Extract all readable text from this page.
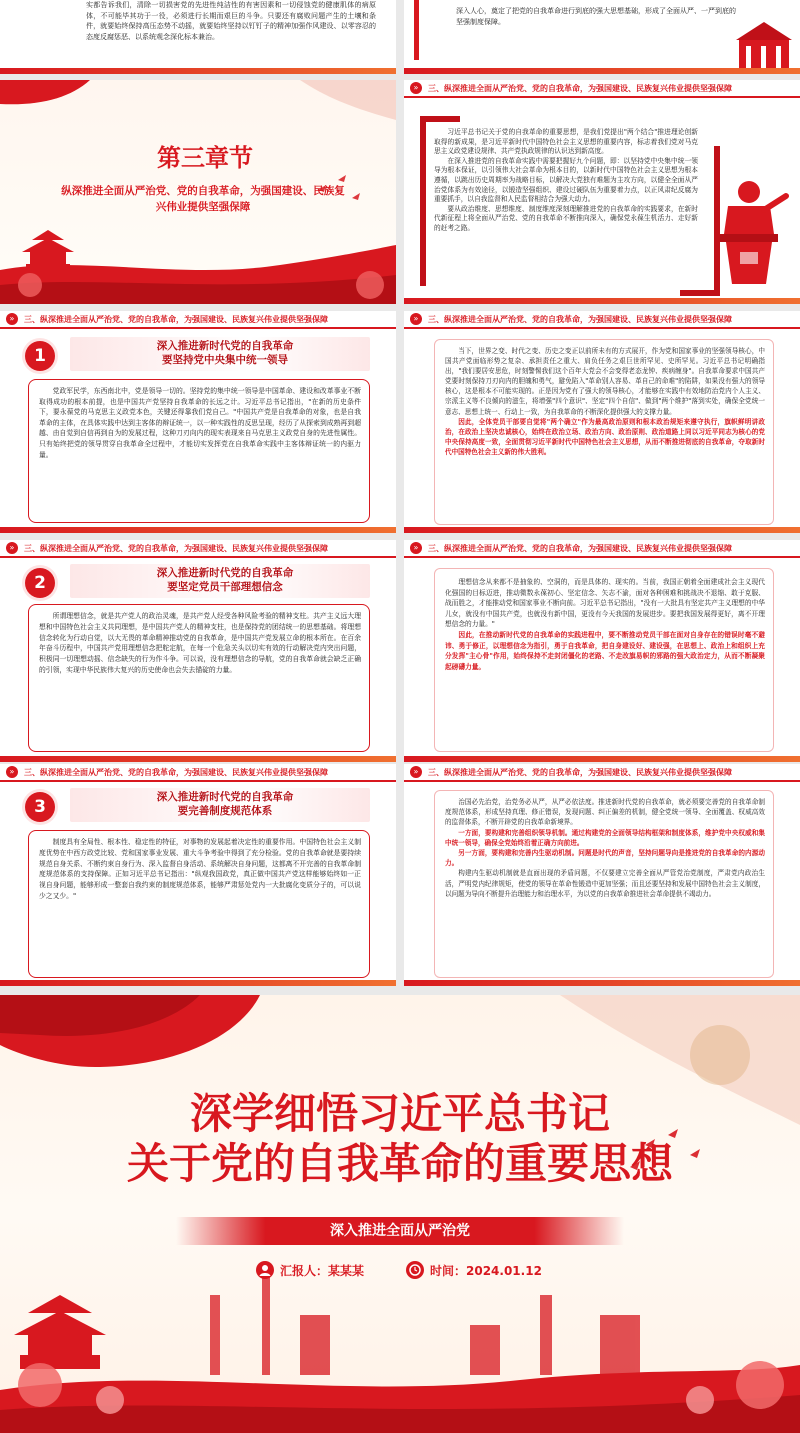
实都告诉我们，清除一切损害党的先进性纯洁性的有害因素和一切侵蚀党的健康肌体的病原体，不可能毕其功于一役，必须进行长期而艰巨的斗争。只要还有腐败问题产生的土壤和条件，就要始终保持高压态势不动摇，就要始终坚持以钉钉子的精神加强作风建设、以零容忍的态度反腐惩恶、以系统观念深化标本兼治。
深入人心，奠定了把党的自我革命进行到底的强大思想基础，形成了全面从严、一严到底的坚强制度保障。
第三章节
纵深推进全面从严治党、党的自我革命，为强国建设、民族复兴伟业提供坚强保障
»	三、纵深推进全面从严治党、党的自我革命，为强国建设、民族复兴伟业提供坚强保障

习近平总书记关于党的自我革命的重要思想，是我们党提出"两个结合"推进理论创新取得的新成果，是习近平新时代中国特色社会主义思想的重要内容，标志着我们党对马克思主义政党建设规律、共产党执政规律的认识达到新高度。

在深入推进党的自我革命实践中需要把握好九个问题，即：以坚持党中央集中统一领导为根本保证，以引领伟大社会革命为根本目的，以新时代中国特色社会主义思想为根本遵循，以跳出历史周期率为战略目标，以解决大党独有难题为主攻方向，以健全全面从严治党体系为有效途径，以锻造坚强组织、建设过硬队伍为重要着力点，以正风肃纪反腐为重要抓手，以自我监督和人民监督相结合为强大动力。

要从政治维度、思想维度、制度维度深刻理解推进党的自我革命的实践要求，在新时代新征程上将全面从严治党、党的自我革命不断推向深入，确保党永葆生机活力、走好新的赶考之路。

»	三、纵深推进全面从严治党、党的自我革命，为强国建设、民族复兴伟业提供坚强保障
1	深入推进新时代党的自我革命
要坚持党中央集中统一领导

党政军民学，东西南北中，党是领导一切的。坚持党的集中统一领导是中国革命、建设和改革事业不断取得成功的根本前提，也是中国共产党坚持自我革命的长远之计。习近平总书记指出，"在新的历史条件下，要永葆党的马克思主义政党本色，关键还得靠我们党自己。"中国共产党是自我革命的对象，也是自我革命的主体，在具体实践中达到主客体的辩证统一，以一种实践性的反思呈现，经历了从探索到成熟再到超越、由自觉到自信再到自为的发展过程，这种刀刃向内的现实表现来自马克思主义政党自身的先进性属性。只有始终把党的领导贯穿自我革命全过程中，才能切实发挥党在自我革命实践中主客体辩证统一的内驱力量。

»	三、纵深推进全面从严治党、党的自我革命，为强国建设、民族复兴伟业提供坚强保障

当下，世界之变、时代之变、历史之变正以前所未有的方式展开，作为党和国家事业的坚强领导核心，中国共产党面临形势之复杂、承担责任之重大、肩负任务之艰巨世所罕见、史所罕见。习近平总书记明确指出，"我们要居安思危，时刻警惕我们这个百年大党会不会变得老态龙钟、疾病缠身"。自我革命要求中国共产党要时刻保持刀刃向内的胆魄和勇气，避免陷入"革命别人容易、革自己的命难"的陷阱，如果没有强大的领导核心，这是根本不可能实现的。正是因为党有了强大的领导核心，才能够在实践中有效地防治党内个人主义、宗派主义等不良倾向的滋生，将增强"四个意识"、坚定"四个自信"、做到"两个维护"落到实处，确保全党统一意志、思想上统一、行动上一致，为自我革命的不断深化提供强大的支撑力量。

因此，全体党员干部要自觉将"两个确立"作为最高政治原则和根本政治规矩来遵守执行，旗帜鲜明讲政治，在政治上坚决忠诚核心，始终在政治立场、政治方向、政治原则、政治道路上同以习近平同志为核心的党中央保持高度一致，全面贯彻习近平新时代中国特色社会主义思想，从而不断推进彻底的自我革命，夺取新时代中国特色社会主义新的伟大胜利。

»	三、纵深推进全面从严治党、党的自我革命，为强国建设、民族复兴伟业提供坚强保障
2	深入推进新时代党的自我革命
要坚定党员干部理想信念

所谓理想信念，就是共产党人的政治灵魂，是共产党人经受各种风险考验的精神支柱。共产主义远大理想和中国特色社会主义共同理想，是中国共产党人的精神支柱，也是保持党的团结统一的思想基础。将理想信念转化为行动自觉，以大无畏的革命精神推动党的自我革命，是中国共产党发展立命的根本所在。在百余年奋斗历程中，中国共产党用理想信念把舵定航，在每一个危急关头以切实有效的行动解决党内突出问题，积极同一切理想动摇、信念缺失的行为作斗争。可以说，没有理想信念的导航，党的自我革命就会缺乏正确的引领，实现中华民族伟大复兴的历史使命也会失去锚碇的力量。

»	三、纵深推进全面从严治党、党的自我革命，为强国建设、民族复兴伟业提供坚强保障

理想信念从来都不是抽象的、空洞的，而是具体的、现实的。当前，我国正朝着全面建成社会主义现代化强国的目标迈进，推动微数永葆初心、坚定信念、矢志不渝，面对各种困难和挑战决不退缩、敢于克服、战而胜之，才能推动党和国家事业不断向前。习近平总书记指出，"没有一大批具有坚定共产主义理想的中华儿女，就没有中国共产党，也就没有新中国，更没有今天我国的发展进步。要把我国发展得更好，离不开理想信念的力量。"

因此，在推动新时代党的自我革命的实践进程中，要不断推动党员干部在面对自身存在的错误时毫不避讳、勇于修正，以理想信念为指引，勇于自我革命，把自身建设好、建设强，在思想上、政治上和组织上充分发挥"主心骨"作用，始终保持不走封闭僵化的老路、不走改旗易帜的邪路的强大政治定力，从而不断凝聚起磅礴力量。

»	三、纵深推进全面从严治党、党的自我革命，为强国建设、民族复兴伟业提供坚强保障
3	深入推进新时代党的自我革命
要完善制度规范体系

制度具有全局性、根本性、稳定性的特征，对事物的发展起着决定性的重要作用。中国特色社会主义制度优势在中西方政党比较、党和国家事业发展、重大斗争考验中得到了充分检验。党的自我革命就是要持续规范自身关系、不断约束自身行为、深入监督自身活动、系统解决自身问题，这都离不开完善的自我革命制度规范体系的支持保障。正如习近平总书记指出："纵观我国政党，真正做中国共产党这样能够始终如一正视自身问题，能够形成一整套自我约束的制度规范体系，能够严肃惩处党内一大批腐化变质分子的，可以说少之又少。"

»	三、纵深推进全面从严治党、党的自我革命，为强国建设、民族复兴伟业提供坚强保障

治国必先治党，治党务必从严，从严必依法度。推进新时代党的自我革命，就必须要完善党的自我革命制度规范体系，形成坚持真理、修正错误，发现问题、纠正偏差的机制，健全党统一领导、全面覆盖、权威高效的监督体系，不断开辟党的自我革命新境界。

一方面，要构建和完善组织领导机制。通过构建党的全面领导结构框架和制度体系，维护党中央权威和集中统一领导，确保全党始终沿着正确方向前进。

另一方面，要构建和完善内生驱动机制。问题是时代的声音，坚持问题导向是推进党的自我革命的内源动力。

构建内生驱动机制就是直面出现的矛盾问题，不仅要建立完善全面从严管党治党制度，严肃党内政治生活，严明党内纪律规矩，使党的领导在革命性锻造中更加坚强；而且还要坚持和发展中国特色社会主义制度，以问题为导向不断提升治理能力和治理水平，为以党的自我革命推进社会革命提供不竭动力。

深学细悟习近平总书记
关于党的自我革命的重要思想
深入推进全面从严治党
汇报人：某某某	时间：2024.01.12
